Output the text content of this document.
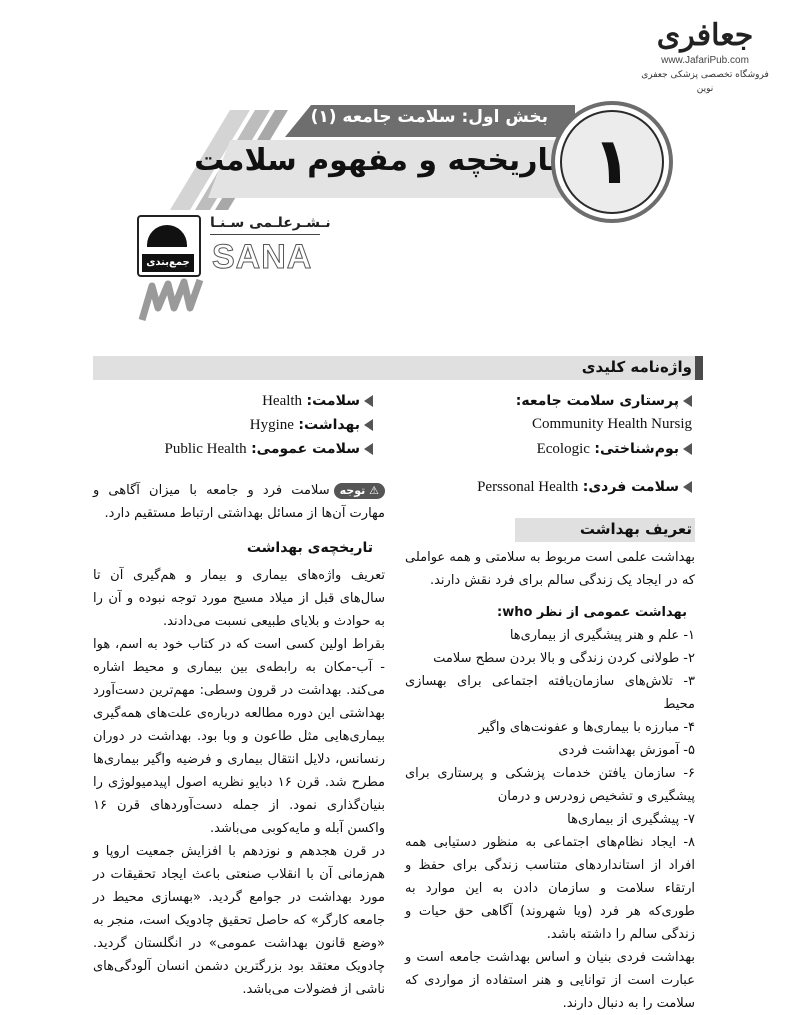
جعافری
www.JafariPub.com
فروشگاه تخصصی پزشکی جعفری نوین
بخش اول: سلامت جامعه (۱)
تاریخچه و مفهوم سلامت ۱
جمع‌بندی
نـشـرعلـمی سـنـا
SANA
واژه‌نامه کلیدی
پرستاری سلامت جامعه:
Community Health Nursig
بوم‌شناختی: Ecologic
سلامت فردی: Perssonal Health
سلامت: Health
بهداشت: Hygine
سلامت عمومی: Public Health
تعریف بهداشت
بهداشت علمی است مربوط به سلامتی و همه عواملی که در ایجاد یک زندگی سالم برای فرد نقش دارند.
بهداشت عمومی از نظر who:
۱- علم و هنر پیشگیری از بیماری‌ها
۲- طولانی کردن زندگی و بالا بردن سطح سلامت
۳- تلاش‌های سازمان‌یافته اجتماعی برای بهسازی محیط
۴- مبارزه با بیماری‌ها و عفونت‌های واگیر
۵- آموزش بهداشت فردی
۶- سازمان یافتن خدمات پزشکی و پرستاری برای پیشگیری و تشخیص زودرس و درمان
۷- پیشگیری از بیماری‌ها
۸- ایجاد نظام‌های اجتماعی به منظور دستیابی همه افراد از استانداردهای متناسب زندگی برای حفظ و ارتقاء سلامت و سازمان دادن به این موارد به طوری‌که هر فرد (ویا شهروند) آگاهی حق حیات و زندگی سالم را داشته باشد.
بهداشت فردی بنیان و اساس بهداشت جامعه است و عبارت است از توانایی و هنر استفاده از مواردی که سلامت را به دنبال دارند.
⚠ توجهسلامت فرد و جامعه با میزان آگاهی و مهارت آن‌ها از مسائل بهداشتی ارتباط مستقیم دارد.
تاریخچه‌ی بهداشت
تعریف واژه‌های بیماری و بیمار و هم‌گیری آن تا سال‌های قبل از میلاد مسیح مورد توجه نبوده و آن را به حوادث و بلایای طبیعی نسبت می‌دادند.
بقراط اولین کسی است که در کتاب خود به اسم، هوا - آب-مکان به رابطه‌ی بین بیماری و محیط اشاره می‌کند. بهداشت در قرون وسطی: مهم‌ترین دست‌آورد بهداشتی این دوره مطالعه درباره‌ی علت‌های همه‌گیری بیماری‌هایی مثل طاعون و وبا بود. بهداشت در دوران رنسانس، دلایل انتقال بیماری و فرضیه واگیر بیماری‌ها مطرح شد. قرن ۱۶ دبایو نظریه اصول اپیدمیولوژی را بنیان‌گذاری نمود. از جمله دست‌آوردهای قرن ۱۶ واکسن آبله و مایه‌کوبی می‌باشد.
در قرن هجدهم و نوزدهم با افزایش جمعیت اروپا و هم‌زمانی آن با انقلاب صنعتی باعث ایجاد تحقیقات در مورد بهداشت در جوامع گردید. «بهسازی محیط در جامعه کارگر» که حاصل تحقیق چادویک است، منجر به «وضع قانون بهداشت عمومی» در انگلستان گردید. چادویک معتقد بود بزرگترین دشمن انسان آلودگی‌های ناشی از فضولات می‌باشد.
